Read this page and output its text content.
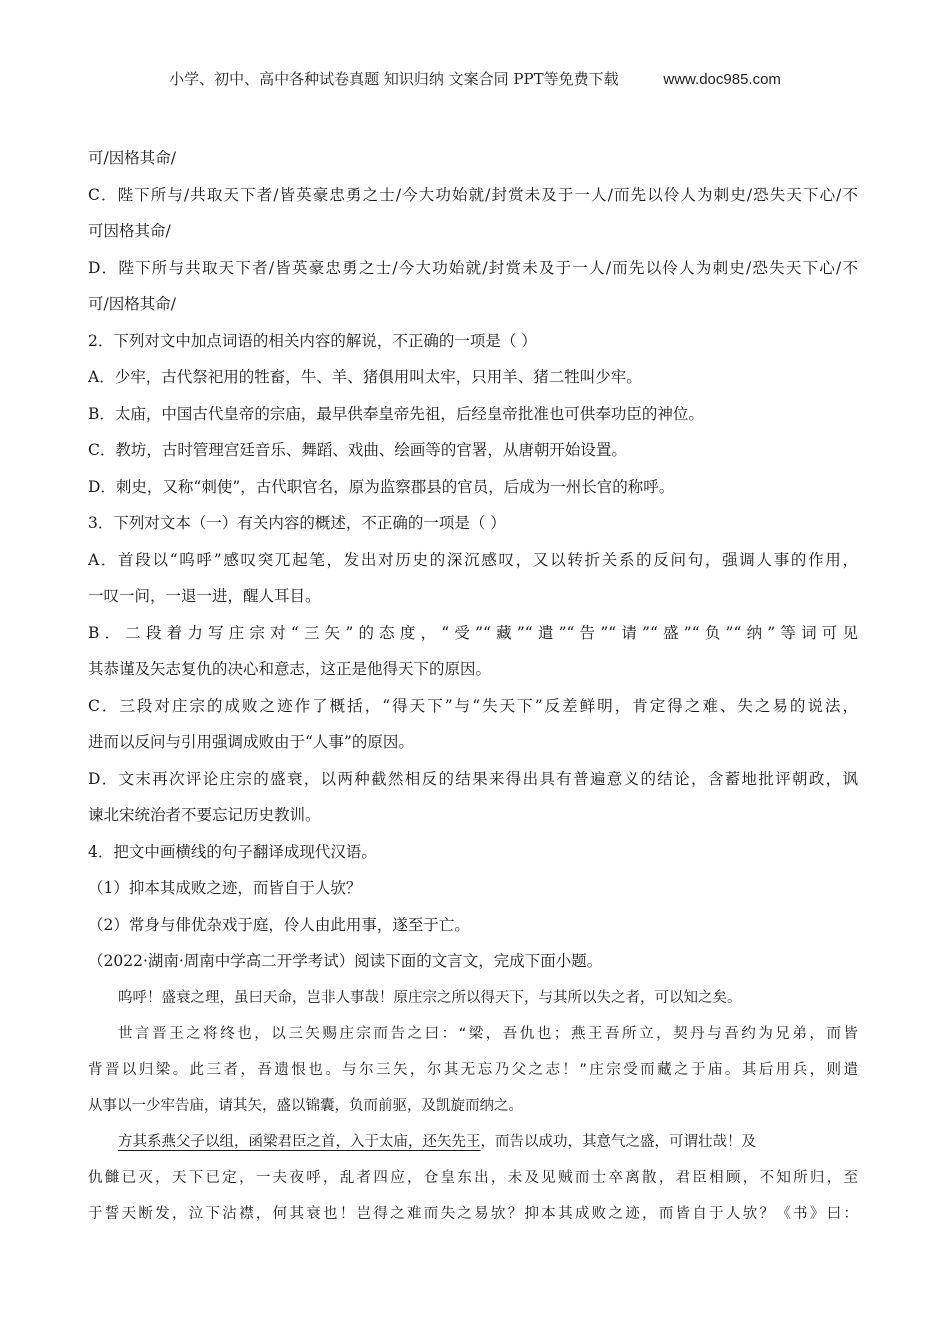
小学、初中、高中各种试卷真题 知识归纳 文案合同 PPT等免费下载	www.doc985.com
可/因格其命/
C．陛下所与/共取天下者/皆英豪忠勇之士/今大功始就/封赏未及于一人/而先以伶人为刺史/恐失天下心/不
可因格其命/
D．陛下所与共取天下者/皆英豪忠勇之士/今大功始就/封赏未及于一人/而先以伶人为刺史/恐失天下心/不
可/因格其命/
2．下列对文中加点词语的相关内容的解说，不正确的一项是（ ）
A．少牢，古代祭祀用的牲畜，牛、羊、猪俱用叫太牢，只用羊、猪二牲叫少牢。
B．太庙，中国古代皇帝的宗庙，最早供奉皇帝先祖，后经皇帝批准也可供奉功臣的神位。
C．教坊，古时管理宫廷音乐、舞蹈、戏曲、绘画等的官署，从唐朝开始设置。
D．刺史，又称“刺使”，古代职官名，原为监察郡县的官员，后成为一州长官的称呼。
3．下列对文本（一）有关内容的概述，不正确的一项是（ ）
A．首段以“呜呼”感叹突兀起笔，发出对历史的深沉感叹，又以转折关系的反问句，强调人事的作用，
一叹一问，一退一进，醒人耳目。
B．二段着力写庄宗对“三矢”的态度，“受”“藏”“遣”“告”“请”“盛”“负”“纳”等词可见
其恭谨及矢志复仇的决心和意志，这正是他得天下的原因。
C．三段对庄宗的成败之迹作了概括，“得天下”与“失天下”反差鲜明，肯定得之难、失之易的说法，
进而以反问与引用强调成败由于“人事”的原因。
D．文末再次评论庄宗的盛衰，以两种截然相反的结果来得出具有普遍意义的结论，含蓄地批评朝政，讽
谏北宋统治者不要忘记历史教训。
4．把文中画横线的句子翻译成现代汉语。
（1）抑本其成败之迹，而皆自于人欤？
（2）常身与俳优杂戏于庭，伶人由此用事，遂至于亡。
（2022·湖南·周南中学高二开学考试）阅读下面的文言文，完成下面小题。
呜呼！盛衰之理，虽曰天命，岂非人事哉！原庄宗之所以得天下，与其所以失之者，可以知之矣。
世言晋王之将终也，以三矢赐庄宗而告之曰：“梁，吾仇也；燕王吾所立，契丹与吾约为兄弟，而皆
背晋以归梁。此三者，吾遗恨也。与尔三矢，尔其无忘乃父之志！”庄宗受而藏之于庙。其后用兵，则遣
从事以一少牢告庙，请其矢，盛以锦囊，负而前驱，及凯旋而纳之。
方其系燕父子以组，函梁君臣之首，入于太庙，还矢先王，而告以成功，其意气之盛，可谓壮哉！及
仇雠已灭，天下已定，一夫夜呼，乱者四应，仓皇东出，未及见贼而士卒离散，君臣相顾，不知所归，至
于誓天断发，泣下沾襟，何其衰也！岂得之难而失之易欤？抑本其成败之迹，而皆自于人欤？《书》曰：
